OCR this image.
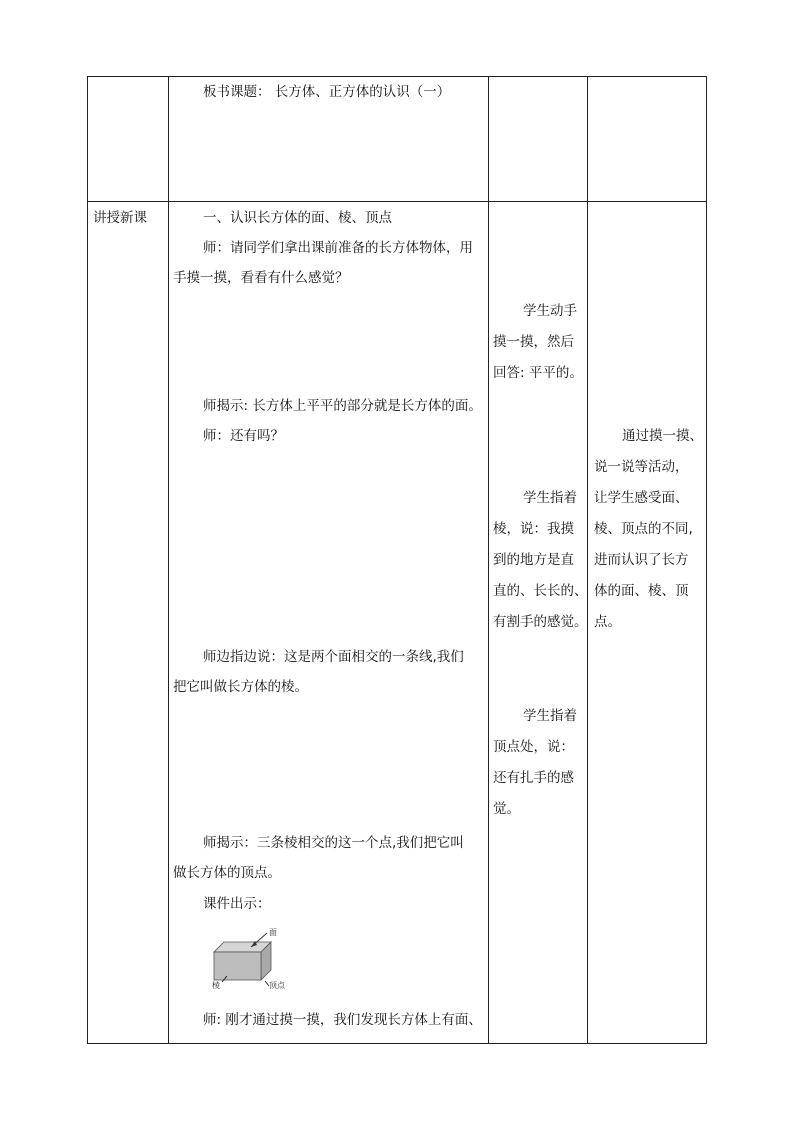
板书课题： 长方体、正方体的认识（一）

讲授新课	一、认识长方体的面、棱、顶点

师：请同学们拿出课前准备的长方体物体，用

手摸一摸，看看有什么感觉？

师揭示: 长方体上平平的部分就是长方体的面。

师：还有吗？

师边指边说：这是两个面相交的一条线,我们

把它叫做长方体的棱。

师揭示：三条棱相交的这一个点,我们把它叫

做长方体的顶点。

课件出示：

师: 刚才通过摸一摸，我们发现长方体上有面、

面
棱	顶点

学生动手

摸一摸，然后

回答: 平平的。

学生指着

棱，说：我摸

到的地方是直

直的、长长的、

有割手的感觉。

学生指着

顶点处，说：

还有扎手的感

觉。

通过摸一摸、

说一说等活动，

让学生感受面、

棱、顶点的不同,

进而认识了长方

体的面、棱、顶

点。
